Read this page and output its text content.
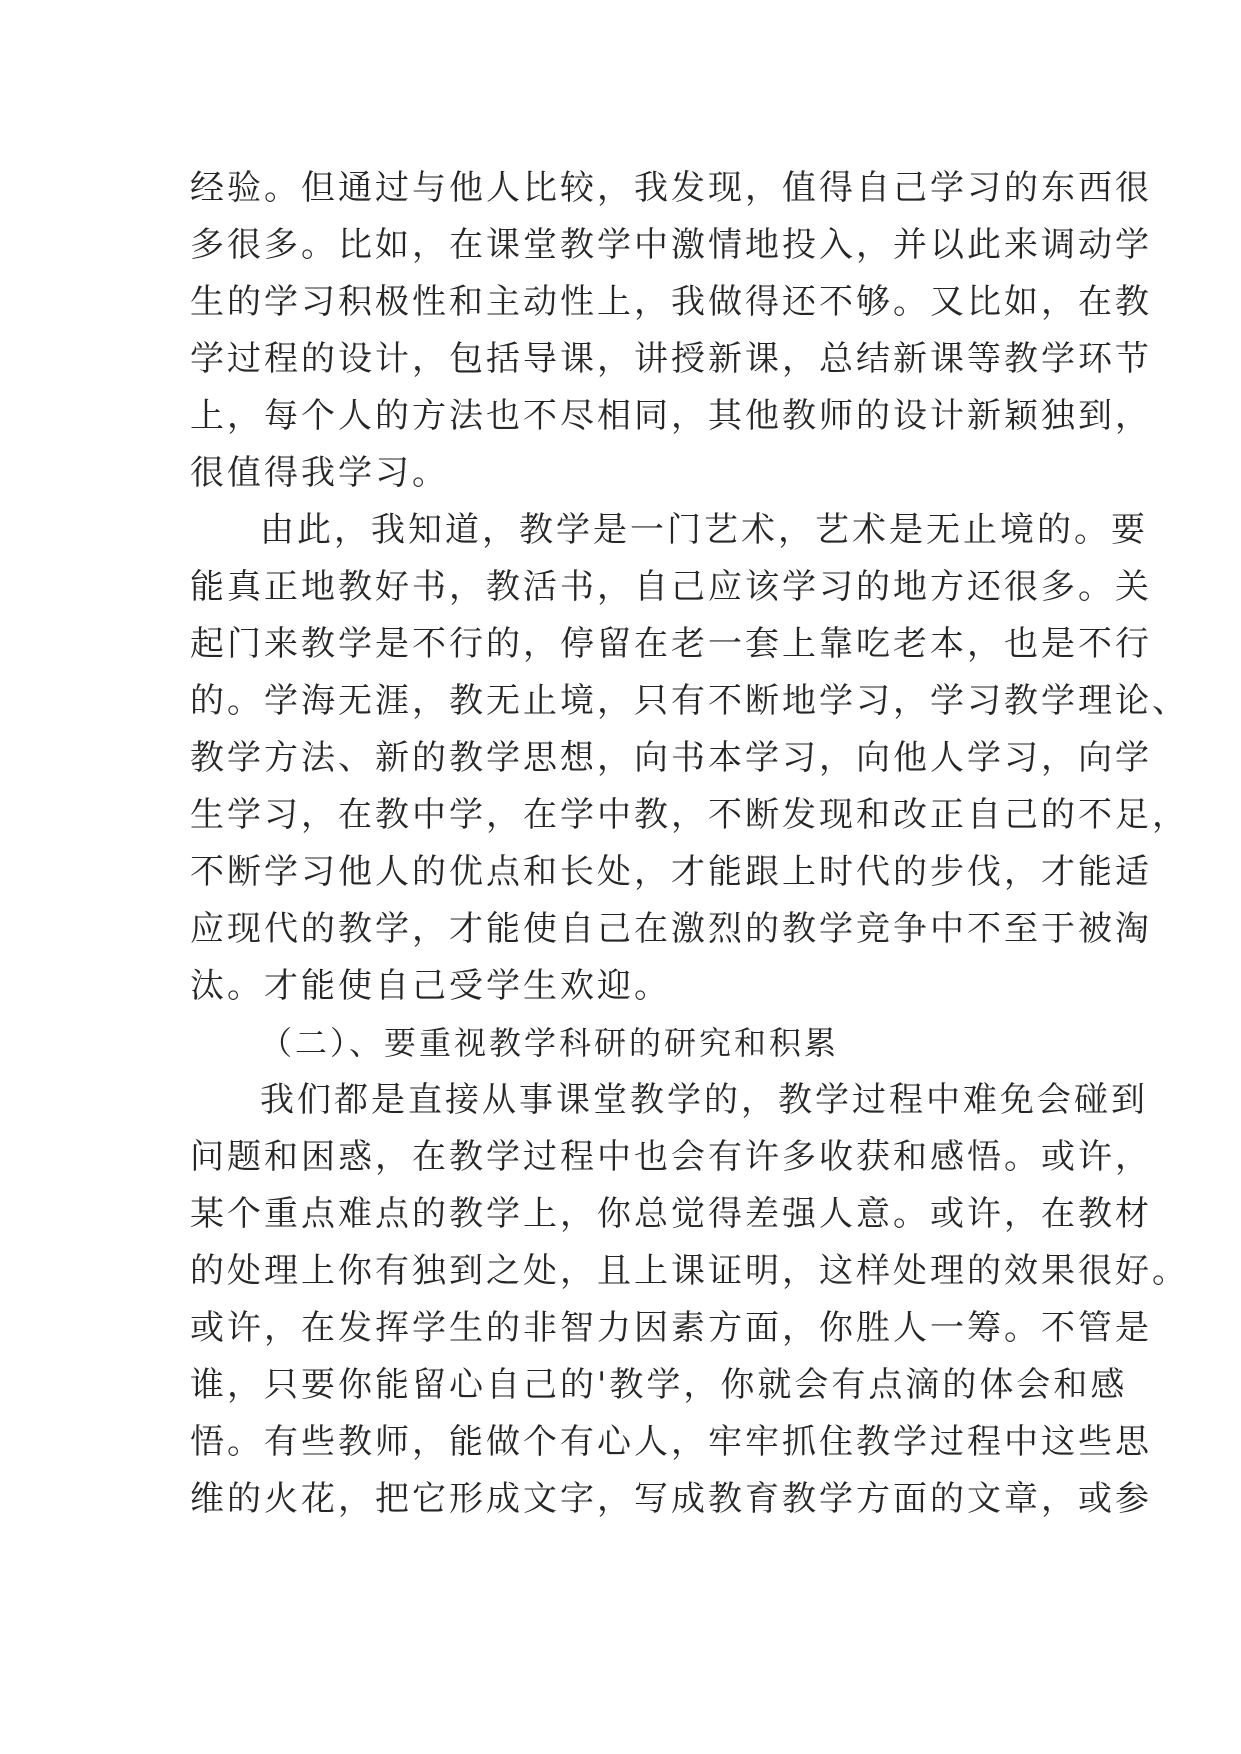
经验。但通过与他人比较，我发现，值得自己学习的东西很
多很多。比如，在课堂教学中激情地投入，并以此来调动学
生的学习积极性和主动性上，我做得还不够。又比如，在教
学过程的设计，包括导课，讲授新课，总结新课等教学环节
上，每个人的方法也不尽相同，其他教师的设计新颖独到，
很值得我学习。
由此，我知道，教学是一门艺术，艺术是无止境的。要
能真正地教好书，教活书，自己应该学习的地方还很多。关
起门来教学是不行的，停留在老一套上靠吃老本，也是不行
的。学海无涯，教无止境，只有不断地学习，学习教学理论、
教学方法、新的教学思想，向书本学习，向他人学习，向学
生学习，在教中学，在学中教，不断发现和改正自己的不足，
不断学习他人的优点和长处，才能跟上时代的步伐，才能适
应现代的教学，才能使自己在激烈的教学竞争中不至于被淘
汰。才能使自己受学生欢迎。
（二）、要重视教学科研的研究和积累
我们都是直接从事课堂教学的，教学过程中难免会碰到
问题和困惑，在教学过程中也会有许多收获和感悟。或许，
某个重点难点的教学上，你总觉得差强人意。或许，在教材
的处理上你有独到之处，且上课证明，这样处理的效果很好。
或许，在发挥学生的非智力因素方面，你胜人一筹。不管是
谁，只要你能留心自己的'教学，你就会有点滴的体会和感
悟。有些教师，能做个有心人，牢牢抓住教学过程中这些思
维的火花，把它形成文字，写成教育教学方面的文章，或参
